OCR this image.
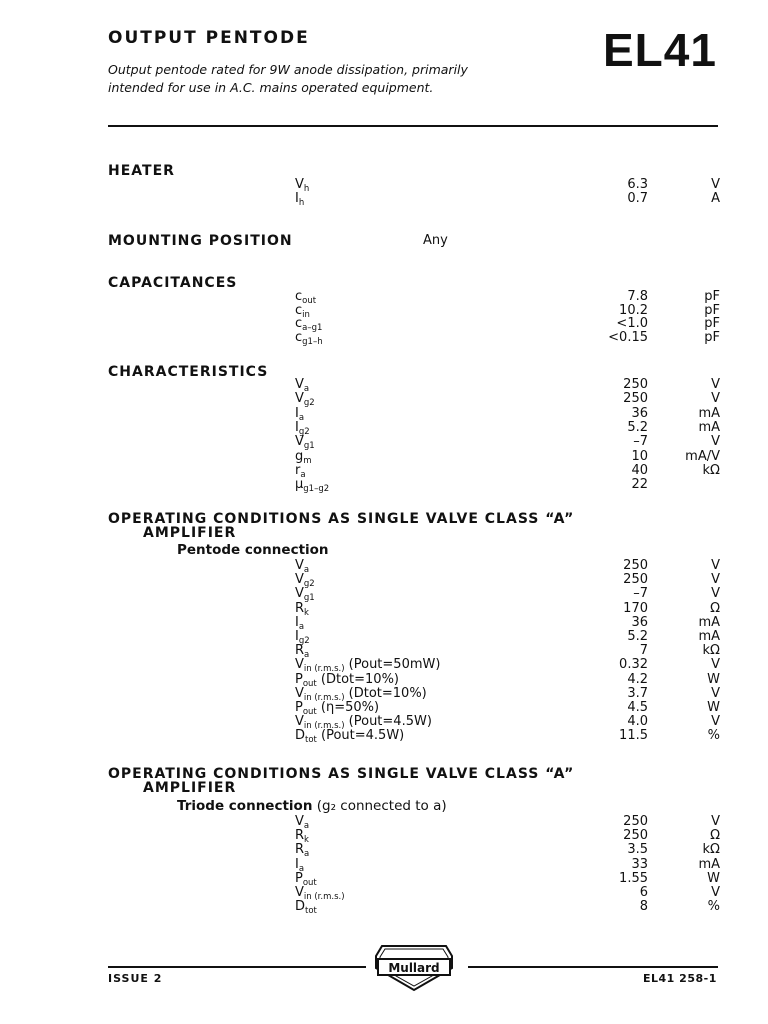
OUTPUT PENTODE	EL41
Output pentode rated for 9W anode dissipation, primarily
intended for use in A.C. mains operated equipment.
HEATER
$V_h$	6.3	V
$I_h$	0.7	A
MOUNTING POSITION	Any
CAPACITANCES
$c_{out}$	7.8	pF
$c_{in}$	10.2	pF
$c_{a-g1}$	<1.0	pF
$c_{g1-h}$	<0.15	pF
CHARACTERISTICS
$V_a$	250	V
$V_{g2}$	250	V
$I_a$	36	mA
$I_{g2}$	5.2	mA
$V_{g1}$	–7	V
$g_m$	10	mA/V
$r_a$	40	kΩ
$\mu_{g1-g2}$	22
OPERATING CONDITIONS AS SINGLE VALVE CLASS “A”
AMPLIFIER
Pentode connection
$V_a$	250	V
$V_{g2}$	250	V
$V_{g1}$	–7	V
$R_k$	170	Ω
$I_a$	36	mA
$I_{g2}$	5.2	mA
$R_a$	7	kΩ
$V_{in (r.m.s.)}$ (Pout=50mW)	0.32	V
$P_{out}$ (Dtot=10%)	4.2	W
$V_{in (r.m.s.)}$ (Dtot=10%)	3.7	V
$P_{out}$ (η=50%)	4.5	W
$V_{in (r.m.s.)}$ (Pout=4.5W)	4.0	V
$D_{tot}$ (Pout=4.5W)	11.5	%
OPERATING CONDITIONS AS SINGLE VALVE CLASS “A”
AMPLIFIER
Triode connection (g₂ connected to a)
$V_a$	250	V
$R_k$	250	Ω
$R_a$	3.5	kΩ
$I_a$	33	mA
$P_{out}$	1.55	W
$V_{in (r.m.s.)}$	6	V
$D_{tot}$	8	%
ISSUE 2	EL41 258-1
Mullard
